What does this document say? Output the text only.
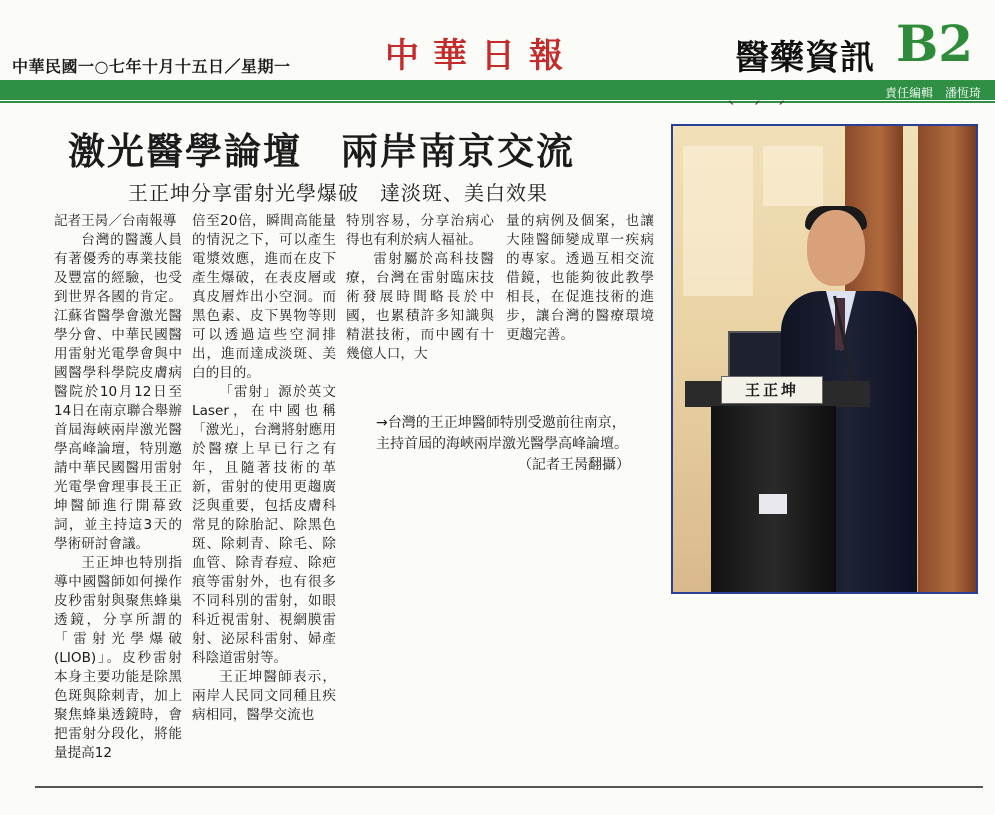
中華民國一○七年十月十五日／星期一	中華日報	醫藥資訊 B2
責任編輯　潘恆琦
ˋ ˊ ˊ
激光醫學論壇　兩岸南京交流
王正坤分享雷射光學爆破　達淡斑、美白效果

記者王昺／台南報導

台灣的醫護人員有著優秀的專業技能及豐富的經驗，也受到世界各國的肯定。江蘇省醫學會激光醫學分會、中華民國醫用雷射光電學會與中國醫學科學院皮膚病醫院於10月12日至14日在南京聯合舉辦首屆海峽兩岸激光醫學高峰論壇，特別邀請中華民國醫用雷射光電學會理事長王正坤醫師進行開幕致詞，並主持這3天的學術研討會議。

王正坤也特別指導中國醫師如何操作皮秒雷射與聚焦蜂巢透鏡，分享所謂的「雷射光學爆破(LIOB)」。皮秒雷射本身主要功能是除黑色斑與除刺青，加上聚焦蜂巢透鏡時，會把雷射分段化，將能量提高12

倍至20倍，瞬間高能量的情況之下，可以產生電漿效應，進而在皮下產生爆破，在表皮層或真皮層炸出小空洞。而黑色素、皮下異物等則可以透過這些空洞排出，進而達成淡斑、美白的目的。

「雷射」源於英文Laser，在中國也稱「激光」，台灣將射應用於醫療上早已行之有年，且隨著技術的革新，雷射的使用更趨廣泛與重要，包括皮膚科常見的除胎記、除黑色斑、除刺青、除毛、除血管、除青春痘、除疤痕等雷射外，也有很多不同科別的雷射，如眼科近視雷射、視網膜雷射、泌尿科雷射、婦產科陰道雷射等。

王正坤醫師表示，兩岸人民同文同種且疾病相同，醫學交流也

特別容易，分享治病心得也有利於病人福祉。

雷射屬於高科技醫療，台灣在雷射臨床技術發展時間略長於中國，也累積許多知識與精湛技術，而中國有十幾億人口，大

量的病例及個案，也讓大陸醫師變成單一疾病的專家。透過互相交流借鏡，也能夠彼此教學相長，在促進技術的進步，讓台灣的醫療環境更趨完善。

→台灣的王正坤醫師特別受邀前往南京，主持首屆的海峽兩岸激光醫學高峰論壇。
（記者王昺翻攝）
王正坤
